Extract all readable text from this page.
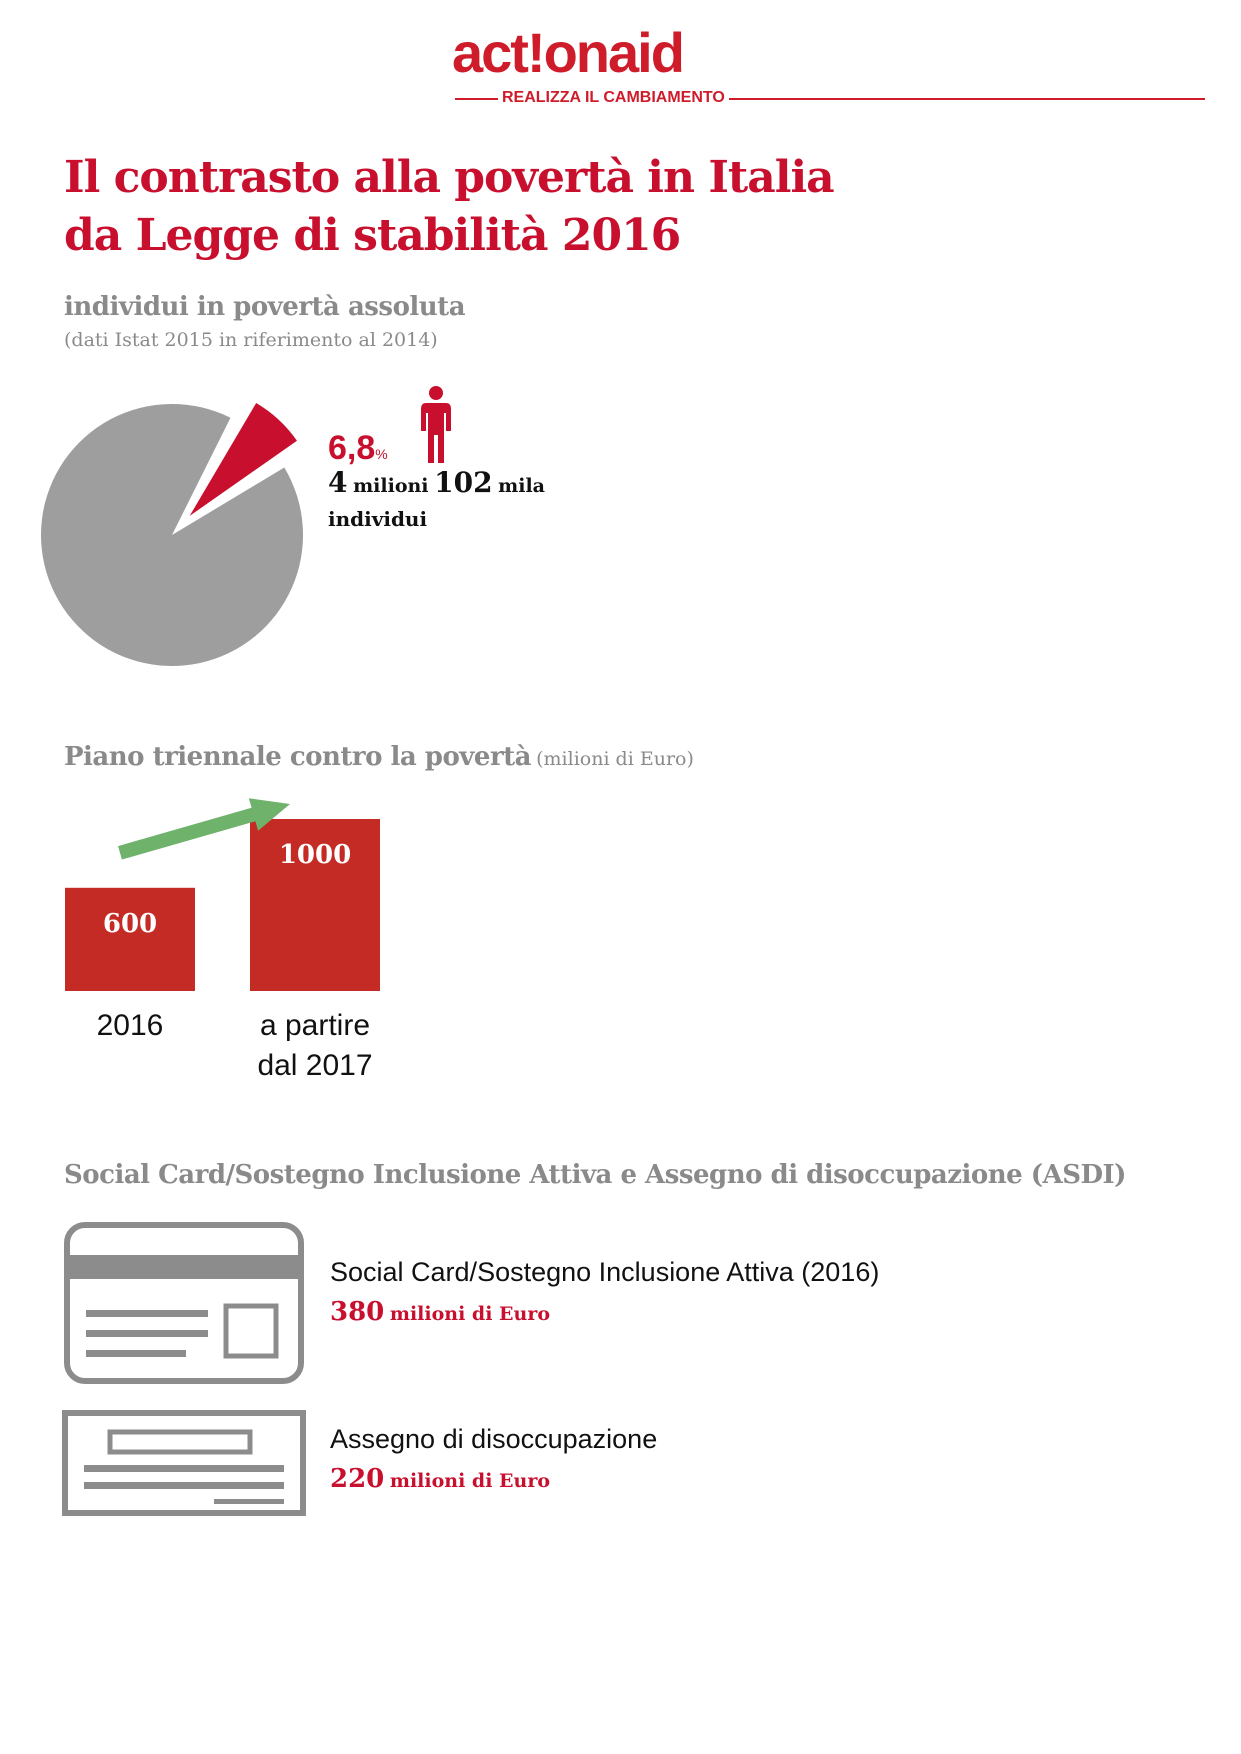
act!onaid
REALIZZA IL CAMBIAMENTO
Il contrasto alla povertà in Italia
da Legge di stabilità 2016
individui in povertà assoluta
(dati Istat 2015 in riferimento al 2014)
6,8%
4 milioni 102 mila
individui
Piano triennale contro la povertà (milioni di Euro)
600
2016
1000
a partire
dal 2017
Social Card/Sostegno Inclusione Attiva e Assegno di disoccupazione (ASDI)
Social Card/Sostegno Inclusione Attiva (2016)
380 milioni di Euro
Assegno di disoccupazione
220 milioni di Euro
